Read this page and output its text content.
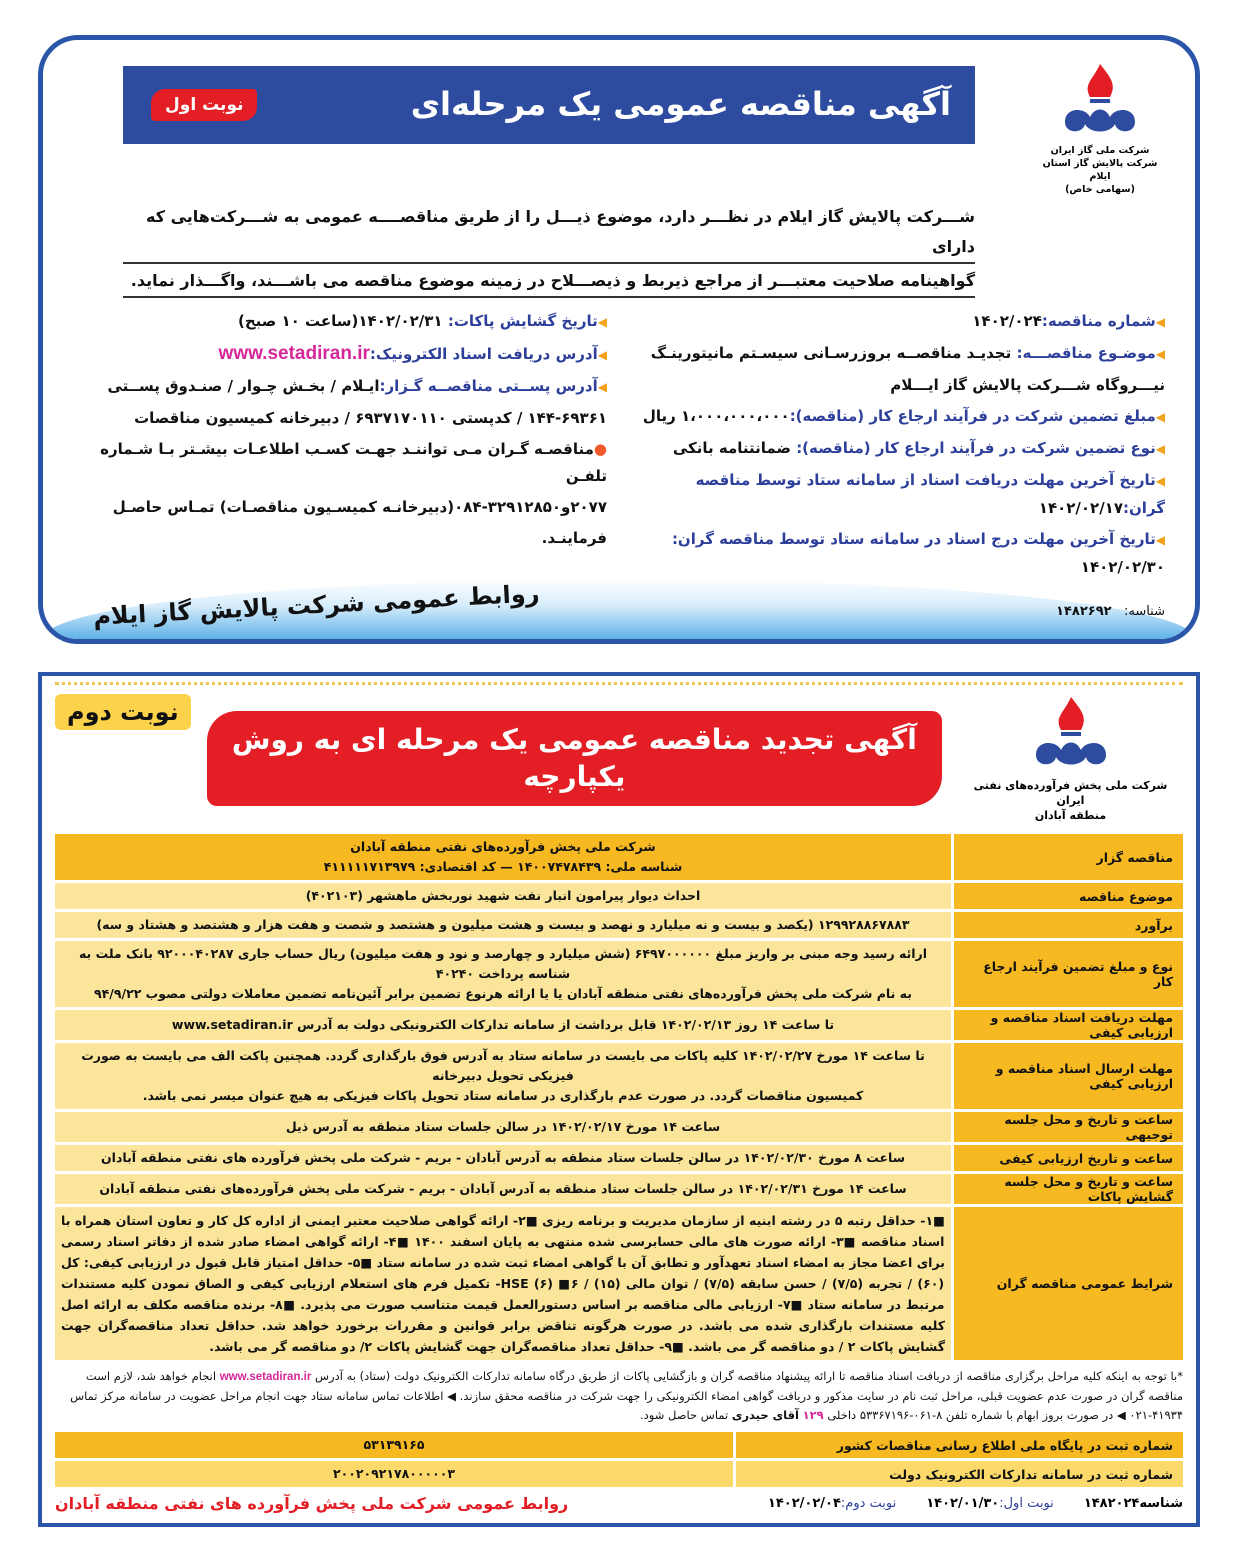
شرکت ملی گاز ایران
شرکت پالایش گاز استان ایلام
(سهامی خاص)
آگهی مناقصه عمومی یک مرحله‌ای
نوبت اول
شـــرکت پالایش گاز ایلام در نظـــر دارد، موضوع ذیـــل را از طریق مناقصــــه عمومی به شـــرکت‌هایی که دارای
گواهینامه صلاحیت معتبـــر از مراجع ذیربط و ذیصـــلاح در زمینه موضوع مناقصه می باشـــند، واگـــذار نماید.
◀شماره مناقصه:۱۴۰۲/۰۲۴
◀موضـوع مناقصـــه: تجدیـد مناقصــه بروزرسـانی سیسـتم مانیتورینـگ
نیـــروگاه شـــرکت پالایش گاز ایـــلام
◀مبلغ تضمین شرکت در فرآیند ارجاع کار (مناقصه):۱،۰۰۰،۰۰۰،۰۰۰ ریال
◀نوع تضمین شرکت در فرآیند ارجاع کار (مناقصه): ضمانتنامه بانکی
◀تاریخ آخرین مهلت دریافت اسناد از سامانه ستاد توسط مناقصه گران:۱۴۰۲/۰۲/۱۷
◀تاریخ آخرین مهلت درج اسناد در سامانه ستاد توسط مناقصه گران: ۱۴۰۲/۰۲/۳۰
◀تاریخ گشایش پاکات: ۱۴۰۲/۰۲/۳۱(ساعت ۱۰ صبح)
◀آدرس دریافت اسناد الکترونیک:www.setadiran.ir
◀آدرس پســتی مناقصــه گـزار:ایـلام / بخـش چـوار / صنـدوق پســتی
۱۴۴-۶۹۳۶۱ / کدپستی ۶۹۳۷۱۷۰۱۱۰ / دبیرخانه کمیسیون مناقصات
●مناقصـه گـران مـی تواننـد جهـت کسـب اطلاعـات بیشـتر بـا شـماره تلفـن
۲۰۷۷و۳۲۹۱۲۸۵۰-۰۸۴(دبیرخانـه کمیسـیون مناقصـات) تمـاس حاصـل
فرماینـد.
شناسه:   ۱۴۸۲۶۹۲
روابط عمومی شرکت پالایش گاز ایلام
شرکت ملی پخش فرآورده‌های نفتی ایران
منطقه آبادان
آگهی تجدید مناقصه عمومی یک مرحله ای به روش یکپارچه
نوبت دوم
مناقصه گزار	شرکت ملی پخش فرآورده‌های نفتی منطقه آبادان
شناسه ملی: ۱۴۰۰۷۴۷۸۴۳۹ — کد اقتصادی: ۴۱۱۱۱۱۷۱۳۹۷۹

موضوع مناقصه	احداث دیوار پیرامون انبار نفت شهید نوربخش ماهشهر (۴۰۲۱۰۳)
برآورد	۱۲۹۹۲۸۸۶۷۸۸۳ (یکصد و بیست و نه میلیارد و نهصد و بیست و هشت میلیون و هشتصد و شصت و هفت هزار و هشتصد و هشتاد و سه)
نوع و مبلغ تضمین فرآیند ارجاع کار	ارائه رسید وجه مبنی بر واریز مبلغ ۶۴۹۷۰۰۰۰۰۰ (شش میلیارد و چهارصد و نود و هفت میلیون) ریال حساب جاری ۹۲۰۰۰۴۰۲۸۷ بانک ملت به شناسه پرداخت ۴۰۲۴۰
به نام شرکت ملی پخش فرآورده‌های نفتی منطقه آبادان یا یا ارائه هرنوع تضمین برابر آئین‌نامه تضمین معاملات دولتی مصوب ۹۴/۹/۲۲

مهلت دریافت اسناد مناقصه و ارزیابی کیفی	تا ساعت ۱۴ روز ۱۴۰۲/۰۲/۱۳ قابل برداشت از سامانه تدارکات الکترونیکی دولت به آدرس www.setadiran.ir
مهلت ارسال اسناد مناقصه و ارزیابی کیفی	تا ساعت ۱۴ مورخ ۱۴۰۲/۰۲/۲۷ کلیه پاکات می بایست در سامانه ستاد به آدرس فوق بارگذاری گردد. همچنین پاکت الف می بایست به صورت فیزیکی تحویل دبیرخانه
کمیسیون مناقصات گردد. در صورت عدم بارگذاری در سامانه ستاد تحویل پاکات فیزیکی به هیچ عنوان میسر نمی باشد.

ساعت و تاریخ و محل جلسه توجیهی	ساعت ۱۴ مورخ ۱۴۰۲/۰۲/۱۷ در سالن جلسات ستاد منطقه به آدرس ذیل
ساعت و تاریخ ارزیابی کیفی	ساعت ۸ مورخ ۱۴۰۲/۰۲/۳۰ در سالن جلسات ستاد منطقه به آدرس آبادان - بریم - شرکت ملی پخش فرآورده های نفتی منطقه آبادان
ساعت و تاریخ و محل جلسه گشایش پاکات	ساعت ۱۴ مورخ ۱۴۰۲/۰۲/۳۱ در سالن جلسات ستاد منطقه به آدرس آبادان - بریم - شرکت ملی پخش فرآورده‌های نفتی منطقه آبادان
شرایط عمومی مناقصه گران	■۱- حداقل رتبه ۵ در رشته ابنیه از سازمان مدیریت و برنامه ریزی ■۲- ارائه گواهی صلاحیت معتبر ایمنی از اداره کل کار و تعاون استان همراه با اسناد مناقصه ■۳- ارائه صورت های مالی حسابرسی شده منتهی به پایان اسفند ۱۴۰۰ ■۴- ارائه گواهی امضاء صادر شده از دفاتر اسناد رسمی برای اعضا مجاز به امضاء اسناد تعهدآور و تطابق آن با گواهی امضاء ثبت شده در سامانه ستاد ■۵- حداقل امتیاز قابل قبول در ارزیابی کیفی: کل (۶۰) / تجربه (۷/۵) / حسن سابقه (۷/۵) / توان مالی (۱۵) / HSE (۶) ■۶- تکمیل فرم های استعلام ارزیابی کیفی و الصاق نمودن کلیه مستندات مرتبط در سامانه ستاد ■۷- ارزیابی مالی مناقصه بر اساس دستورالعمل قیمت متناسب صورت می پذیرد. ■۸- برنده مناقصه مکلف به ارائه اصل کلیه مستندات بارگذاری شده می باشد. در صورت هرگونه تناقض برابر قوانین و مقررات برخورد خواهد شد. حداقل تعداد مناقصه‌گران جهت گشایش پاکات ۲ / دو مناقصه گر می باشد. ■۹- حداقل تعداد مناقصه‌گران جهت گشایش پاکات ۲/ دو مناقصه گر می باشد.
*با توجه به اینکه کلیه مراحل برگزاری مناقصه از دریافت اسناد مناقصه تا ارائه پیشنهاد مناقصه گران و بازگشایی پاکات از طریق درگاه سامانه تدارکات الکترونیک دولت (ستاد) به آدرس www.setadiran.ir انجام خواهد شد، لازم است مناقصه گران در صورت عدم عضویت قبلی، مراحل ثبت نام در سایت مذکور و دریافت گواهی امضاء الکترونیکی را جهت شرکت در مناقصه محقق سازند. ◀ اطلاعات تماس سامانه ستاد جهت انجام مراحل عضویت در سامانه مرکز تماس ۴۱۹۳۴-۰۲۱ ◀ در صورت بروز ابهام با شماره تلفن ۸-۰۶۱-۵۳۳۶۷۱۹۶ داخلی ۱۲۹ آقای حیدری تماس حاصل شود.
شماره ثبت در پایگاه ملی اطلاع رسانی مناقصات کشور	۵۳۱۳۹۱۶۵
شماره ثبت در سامانه تدارکات الکترونیک دولت	۲۰۰۲۰۹۲۱۷۸۰۰۰۰۰۳
شناسه۱۴۸۲۰۲۴
نوبت اول:۱۴۰۲/۰۱/۳۰
نوبت دوم:۱۴۰۲/۰۲/۰۴
روابط عمومی شرکت ملی پخش فرآورده های نفتی منطقه آبادان
